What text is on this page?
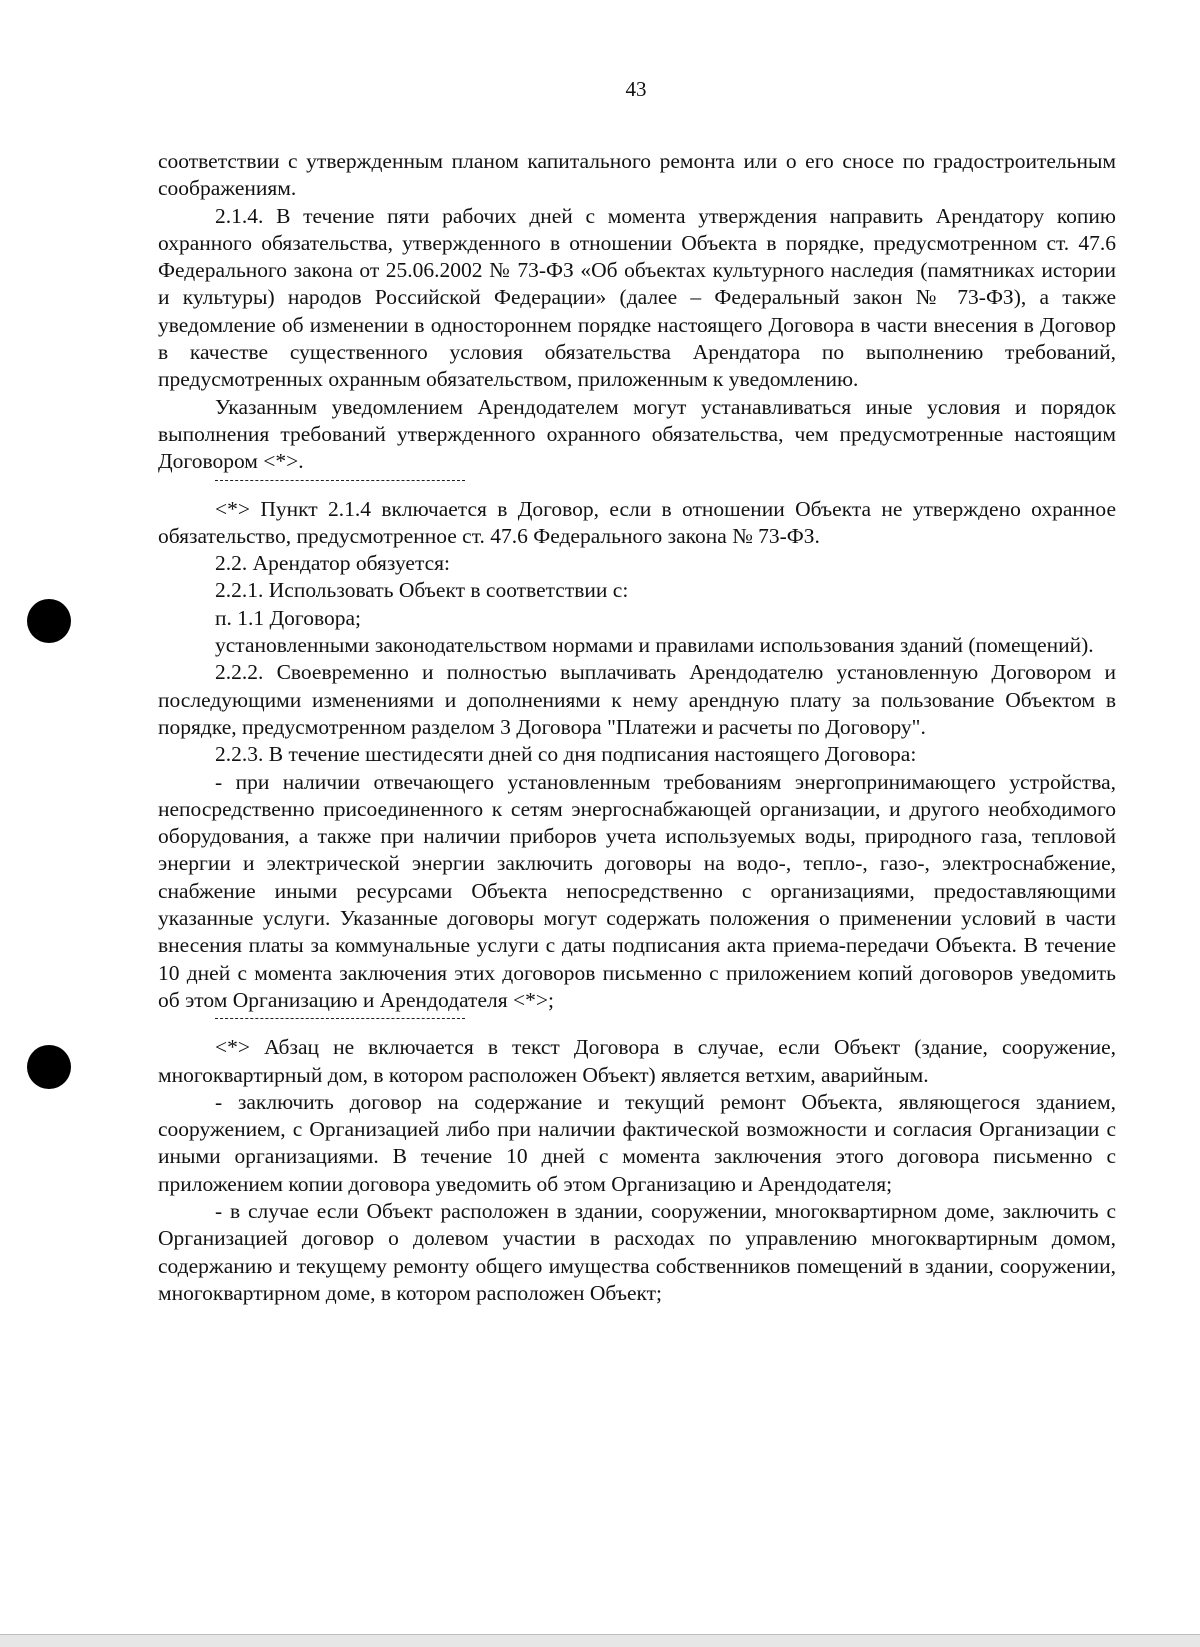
43

соответствии с утвержденным планом капитального ремонта или о его сносе по градостроительным соображениям.

2.1.4. В течение пяти рабочих дней с момента утверждения направить Арендатору копию охранного обязательства, утвержденного в отношении Объекта в порядке, предусмотренном ст. 47.6 Федерального закона от 25.06.2002 № 73-ФЗ «Об объектах культурного наследия (памятниках истории и культуры) народов Российской Федерации» (далее – Федеральный закон № 73-ФЗ), а также уведомление об изменении в одностороннем порядке настоящего Договора в части внесения в Договор в качестве существенного условия обязательства Арендатора по выполнению требований, предусмотренных охранным обязательством, приложенным к уведомлению.

Указанным уведомлением Арендодателем могут устанавливаться иные условия и порядок выполнения требований утвержденного охранного обязательства, чем предусмотренные настоящим Договором <*>.

<*> Пункт 2.1.4 включается в Договор, если в отношении Объекта не утверждено охранное обязательство, предусмотренное ст. 47.6 Федерального закона № 73-ФЗ.

2.2. Арендатор обязуется:

2.2.1. Использовать Объект в соответствии с:

п. 1.1 Договора;

установленными законодательством нормами и правилами использования зданий (помещений).

2.2.2. Своевременно и полностью выплачивать Арендодателю установленную Договором и последующими изменениями и дополнениями к нему арендную плату за пользование Объектом в порядке, предусмотренном разделом 3 Договора "Платежи и расчеты по Договору".

2.2.3. В течение шестидесяти дней со дня подписания настоящего Договора:

- при наличии отвечающего установленным требованиям энергопринимающего устройства, непосредственно присоединенного к сетям энергоснабжающей организации, и другого необходимого оборудования, а также при наличии приборов учета используемых воды, природного газа, тепловой энергии и электрической энергии заключить договоры на водо-, тепло-, газо-, электроснабжение, снабжение иными ресурсами Объекта непосредственно с организациями, предоставляющими указанные услуги. Указанные договоры могут содержать положения о применении условий в части внесения платы за коммунальные услуги с даты подписания акта приема-передачи Объекта. В течение 10 дней с момента заключения этих договоров письменно с приложением копий договоров уведомить об этом Организацию и Арендодателя <*>;

<*> Абзац не включается в текст Договора в случае, если Объект (здание, сооружение, многоквартирный дом, в котором расположен Объект) является ветхим, аварийным.

- заключить договор на содержание и текущий ремонт Объекта, являющегося зданием, сооружением, с Организацией либо при наличии фактической возможности и согласия Организации с иными организациями. В течение 10 дней с момента заключения этого договора письменно с приложением копии договора уведомить об этом Организацию и Арендодателя;

- в случае если Объект расположен в здании, сооружении, многоквартирном доме, заключить с Организацией договор о долевом участии в расходах по управлению многоквартирным домом, содержанию и текущему ремонту общего имущества собственников помещений в здании, сооружении, многоквартирном доме, в котором расположен Объект;
